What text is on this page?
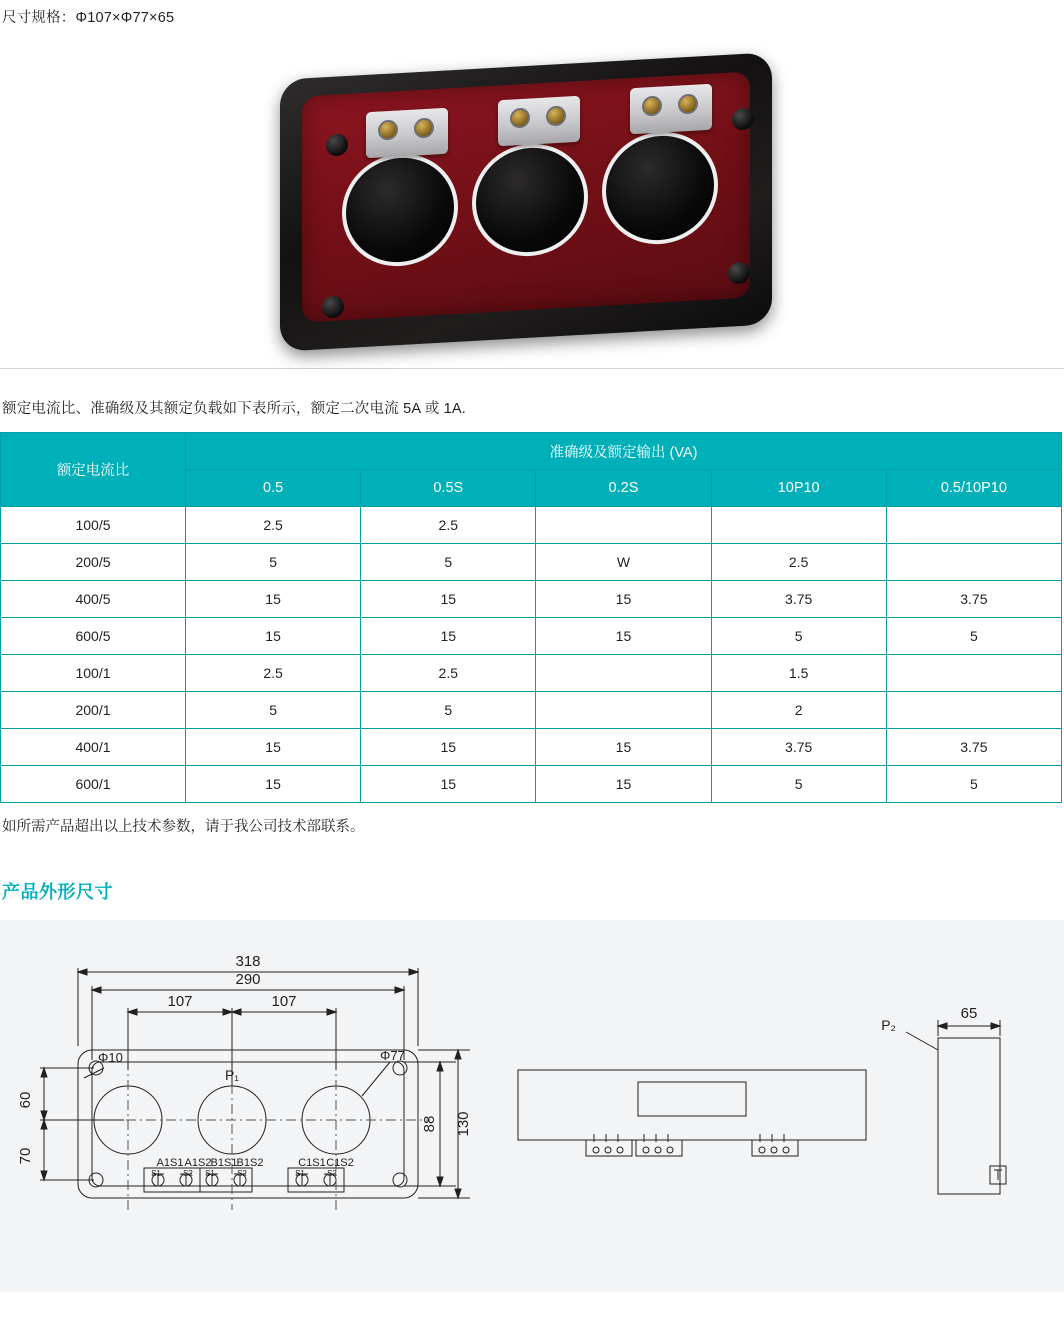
尺寸规格：Φ107×Φ77×65
额定电流比、准确级及其额定负载如下表所示，额定二次电流 5A 或 1A.
额定电流比	准确级及额定输出 (VA)				
	0.5	0.5S	0.2S	10P10	0.5/10P10
100/5	2.5	2.5			
200/5	5	5	W	2.5	
400/5	15	15	15	3.75	3.75
600/5	15	15	15	5	5
100/1	2.5	2.5		1.5	
200/1	5	5		2	
400/1	15	15	15	3.75	3.75
600/1	15	15	15	5	5
如所需产品超出以上技术参数，请于我公司技术部联系。
产品外形尺寸
318
290
107	107
60
70
88 130
Φ10	Φ77
P₁
A1S1 A1S2 B1S1 B1S2	C1S1 C1S2
S1	S2 S1	S2	S1	S2
65
P₂
